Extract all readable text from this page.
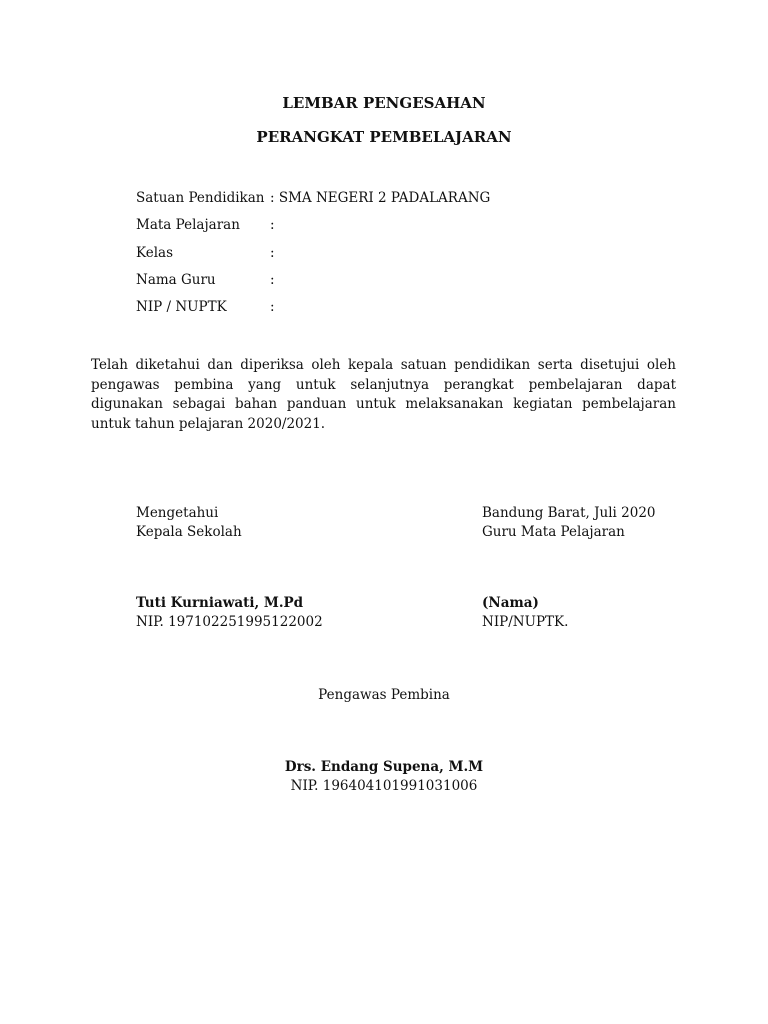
LEMBAR PENGESAHAN
PERANGKAT PEMBELAJARAN
Satuan Pendidikan : SMA NEGERI 2 PADALARANG
Mata Pelajaran :
Kelas	:
Nama Guru	:
NIP / NUPTK	:
Telah diketahui dan diperiksa oleh kepala satuan pendidikan serta disetujui oleh pengawas pembina yang untuk selanjutnya perangkat pembelajaran dapat digunakan sebagai bahan panduan untuk melaksanakan kegiatan pembelajaran untuk tahun pelajaran 2020/2021.
Mengetahui
Kepala Sekolah
Tuti Kurniawati, M.Pd
NIP. 197102251995122002
Bandung Barat, Juli 2020
Guru Mata Pelajaran
(Nama)
NIP/NUPTK.
Pengawas Pembina
Drs. Endang Supena, M.M
NIP. 196404101991031006
